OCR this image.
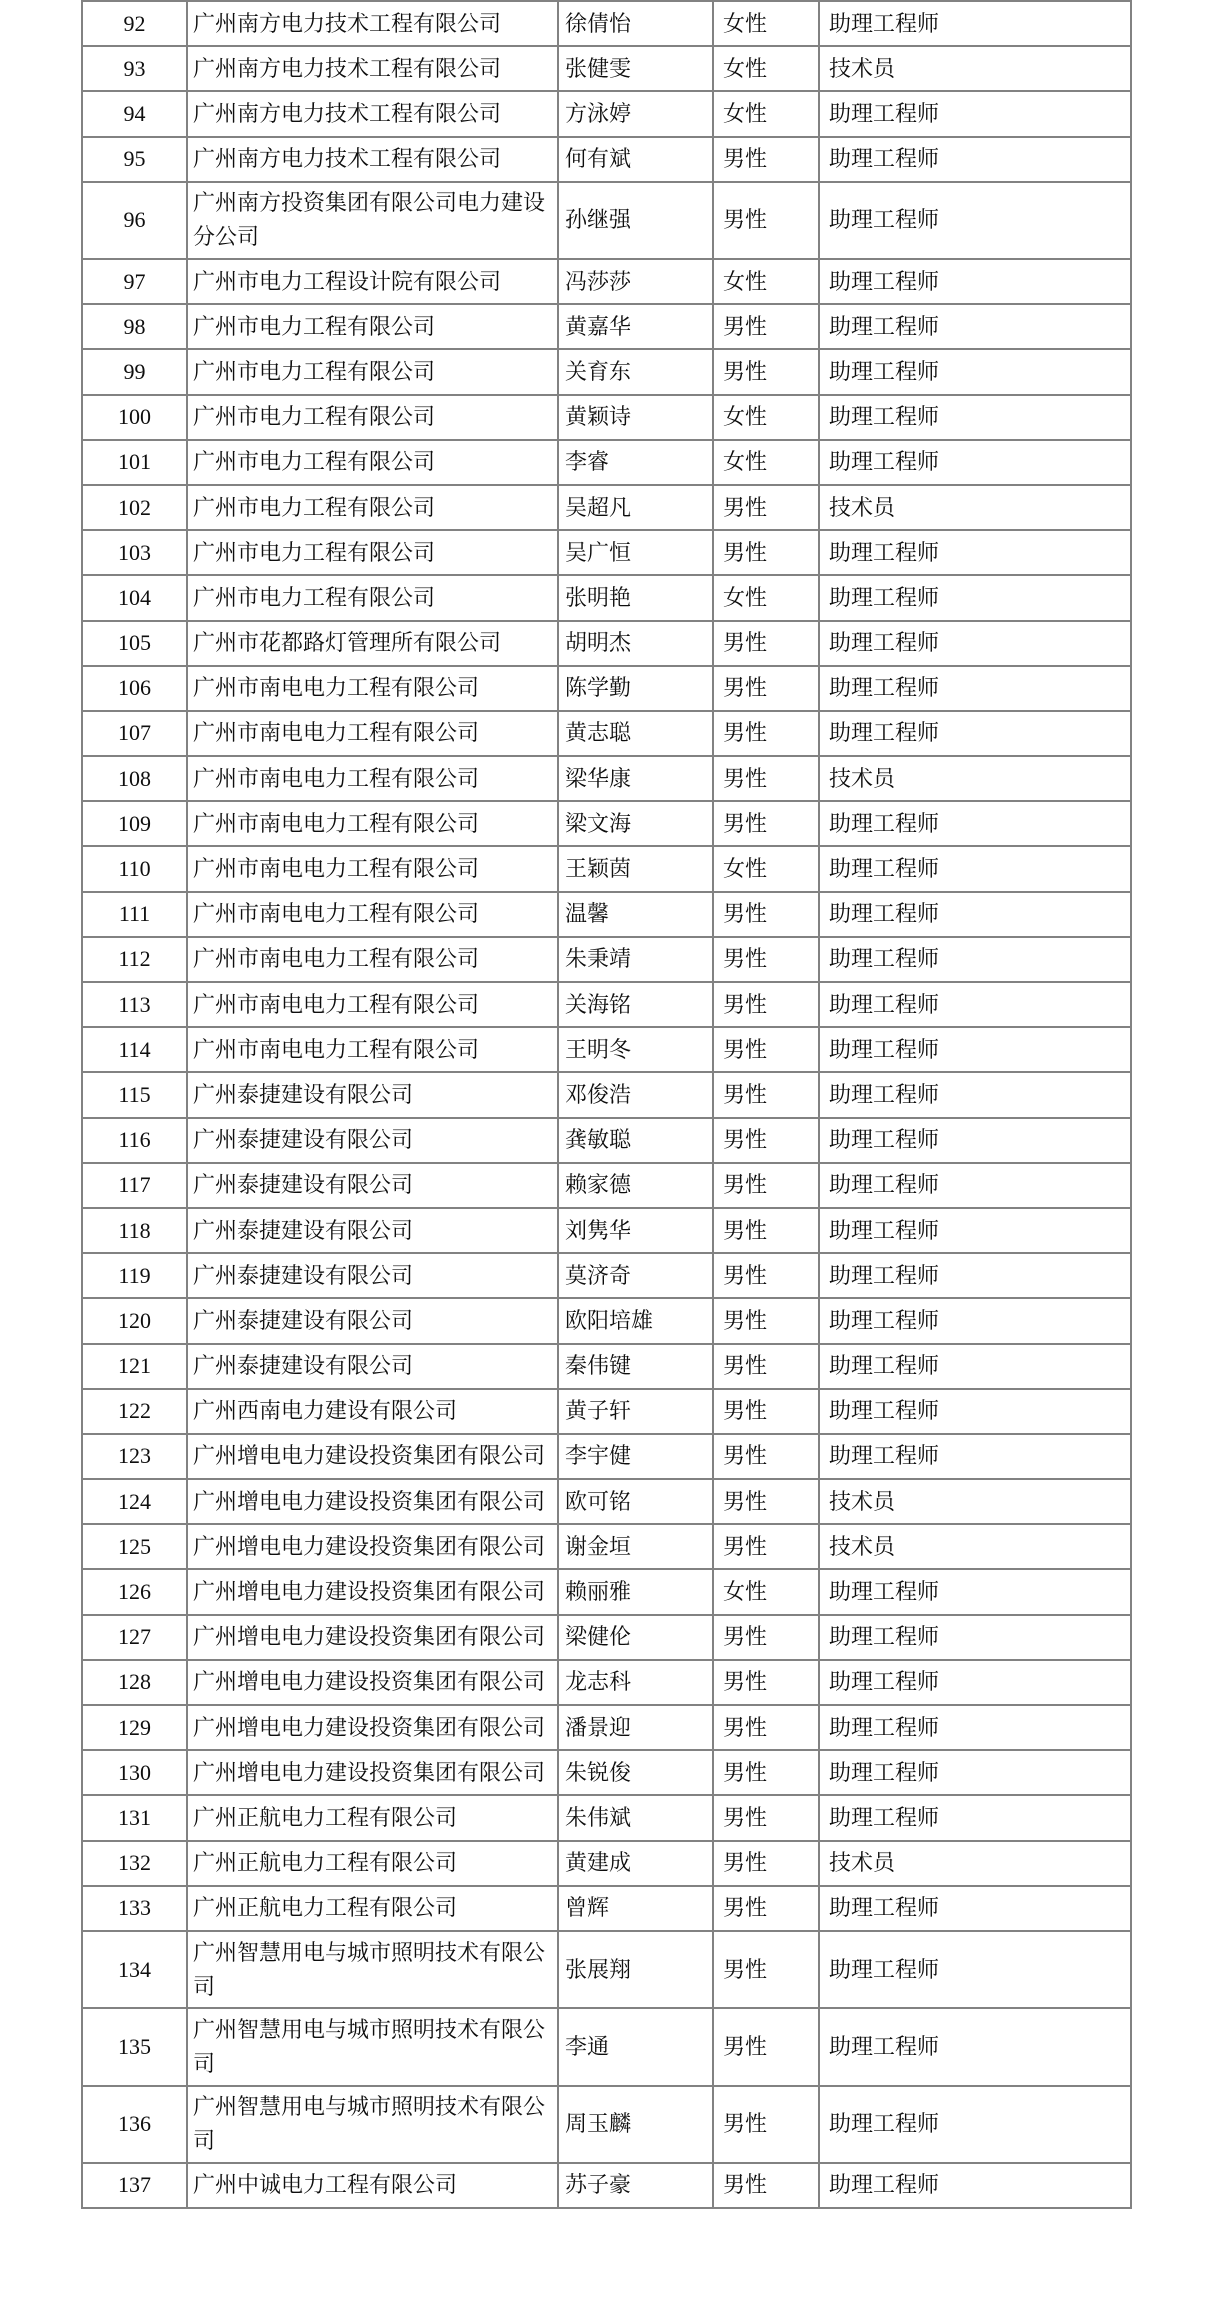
92	广州南方电力技术工程有限公司	徐倩怡	女性	助理工程师
93	广州南方电力技术工程有限公司	张健雯	女性	技术员
94	广州南方电力技术工程有限公司	方泳婷	女性	助理工程师
95	广州南方电力技术工程有限公司	何有斌	男性	助理工程师
96	广州南方投资集团有限公司电力建设分公司	孙继强	男性	助理工程师
97	广州市电力工程设计院有限公司	冯莎莎	女性	助理工程师
98	广州市电力工程有限公司	黄嘉华	男性	助理工程师
99	广州市电力工程有限公司	关育东	男性	助理工程师
100	广州市电力工程有限公司	黄颖诗	女性	助理工程师
101	广州市电力工程有限公司	李睿	女性	助理工程师
102	广州市电力工程有限公司	吴超凡	男性	技术员
103	广州市电力工程有限公司	吴广恒	男性	助理工程师
104	广州市电力工程有限公司	张明艳	女性	助理工程师
105	广州市花都路灯管理所有限公司	胡明杰	男性	助理工程师
106	广州市南电电力工程有限公司	陈学勤	男性	助理工程师
107	广州市南电电力工程有限公司	黄志聪	男性	助理工程师
108	广州市南电电力工程有限公司	梁华康	男性	技术员
109	广州市南电电力工程有限公司	梁文海	男性	助理工程师
110	广州市南电电力工程有限公司	王颖茵	女性	助理工程师
111	广州市南电电力工程有限公司	温馨	男性	助理工程师
112	广州市南电电力工程有限公司	朱秉靖	男性	助理工程师
113	广州市南电电力工程有限公司	关海铭	男性	助理工程师
114	广州市南电电力工程有限公司	王明冬	男性	助理工程师
115	广州泰捷建设有限公司	邓俊浩	男性	助理工程师
116	广州泰捷建设有限公司	龚敏聪	男性	助理工程师
117	广州泰捷建设有限公司	赖家德	男性	助理工程师
118	广州泰捷建设有限公司	刘隽华	男性	助理工程师
119	广州泰捷建设有限公司	莫济奇	男性	助理工程师
120	广州泰捷建设有限公司	欧阳培雄	男性	助理工程师
121	广州泰捷建设有限公司	秦伟键	男性	助理工程师
122	广州西南电力建设有限公司	黄子轩	男性	助理工程师
123	广州增电电力建设投资集团有限公司	李宇健	男性	助理工程师
124	广州增电电力建设投资集团有限公司	欧可铭	男性	技术员
125	广州增电电力建设投资集团有限公司	谢金垣	男性	技术员
126	广州增电电力建设投资集团有限公司	赖丽雅	女性	助理工程师
127	广州增电电力建设投资集团有限公司	梁健伦	男性	助理工程师
128	广州增电电力建设投资集团有限公司	龙志科	男性	助理工程师
129	广州增电电力建设投资集团有限公司	潘景迎	男性	助理工程师
130	广州增电电力建设投资集团有限公司	朱锐俊	男性	助理工程师
131	广州正航电力工程有限公司	朱伟斌	男性	助理工程师
132	广州正航电力工程有限公司	黄建成	男性	技术员
133	广州正航电力工程有限公司	曾辉	男性	助理工程师
134	广州智慧用电与城市照明技术有限公司	张展翔	男性	助理工程师
135	广州智慧用电与城市照明技术有限公司	李通	男性	助理工程师
136	广州智慧用电与城市照明技术有限公司	周玉麟	男性	助理工程师
137	广州中诚电力工程有限公司	苏子豪	男性	助理工程师
